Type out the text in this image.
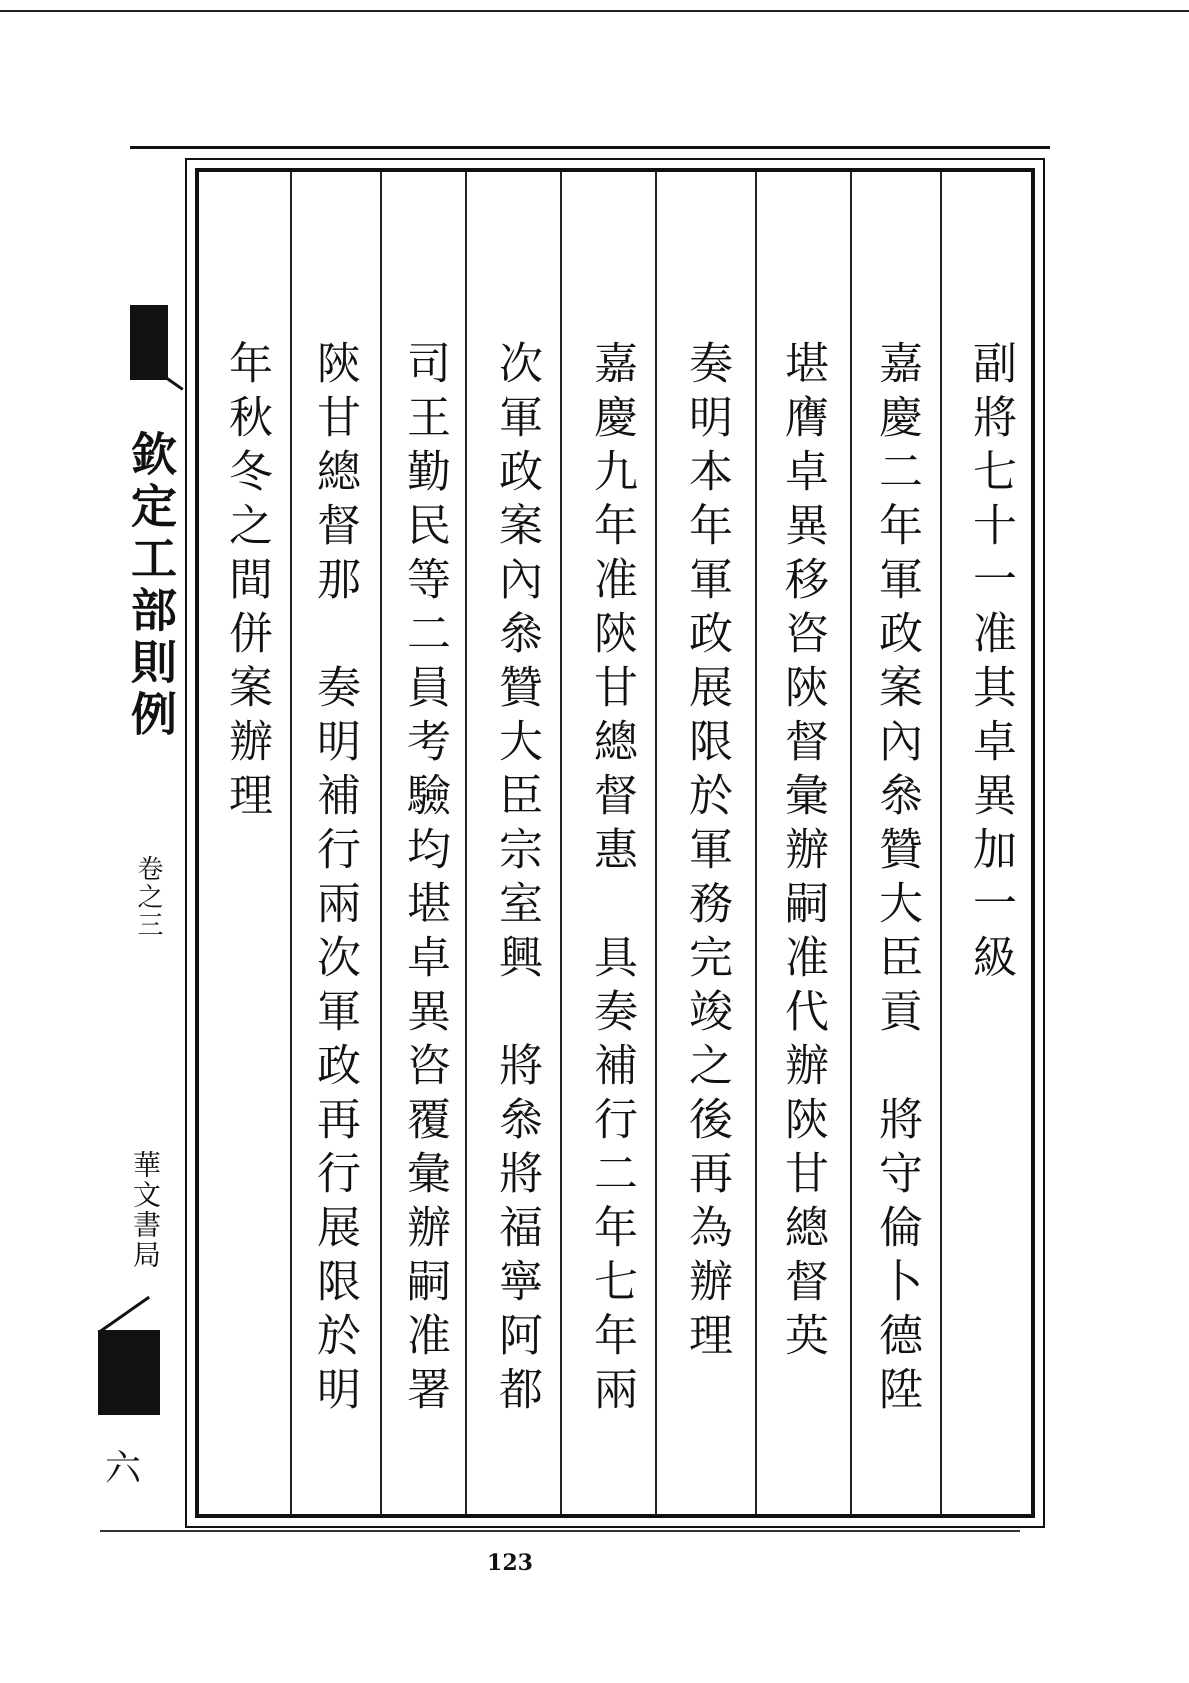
欽定工部則例
卷之三
華文書局
六
副將七十一准其卓異加一級
嘉慶二年軍政案內叅贊大臣貢　將守倫卜德陞
堪膺卓異移咨陝督彙辦嗣准代辦陝甘總督英
奏明本年軍政展限於軍務完竣之後再為辦理
嘉慶九年准陝甘總督惠　具奏補行二年七年兩
次軍政案內叅贊大臣宗室興　將叅將福寧阿都
司王勤民等二員考驗均堪卓異咨覆彙辦嗣准署
陝甘總督那　奏明補行兩次軍政再行展限於明
年秋冬之間併案辦理
123
